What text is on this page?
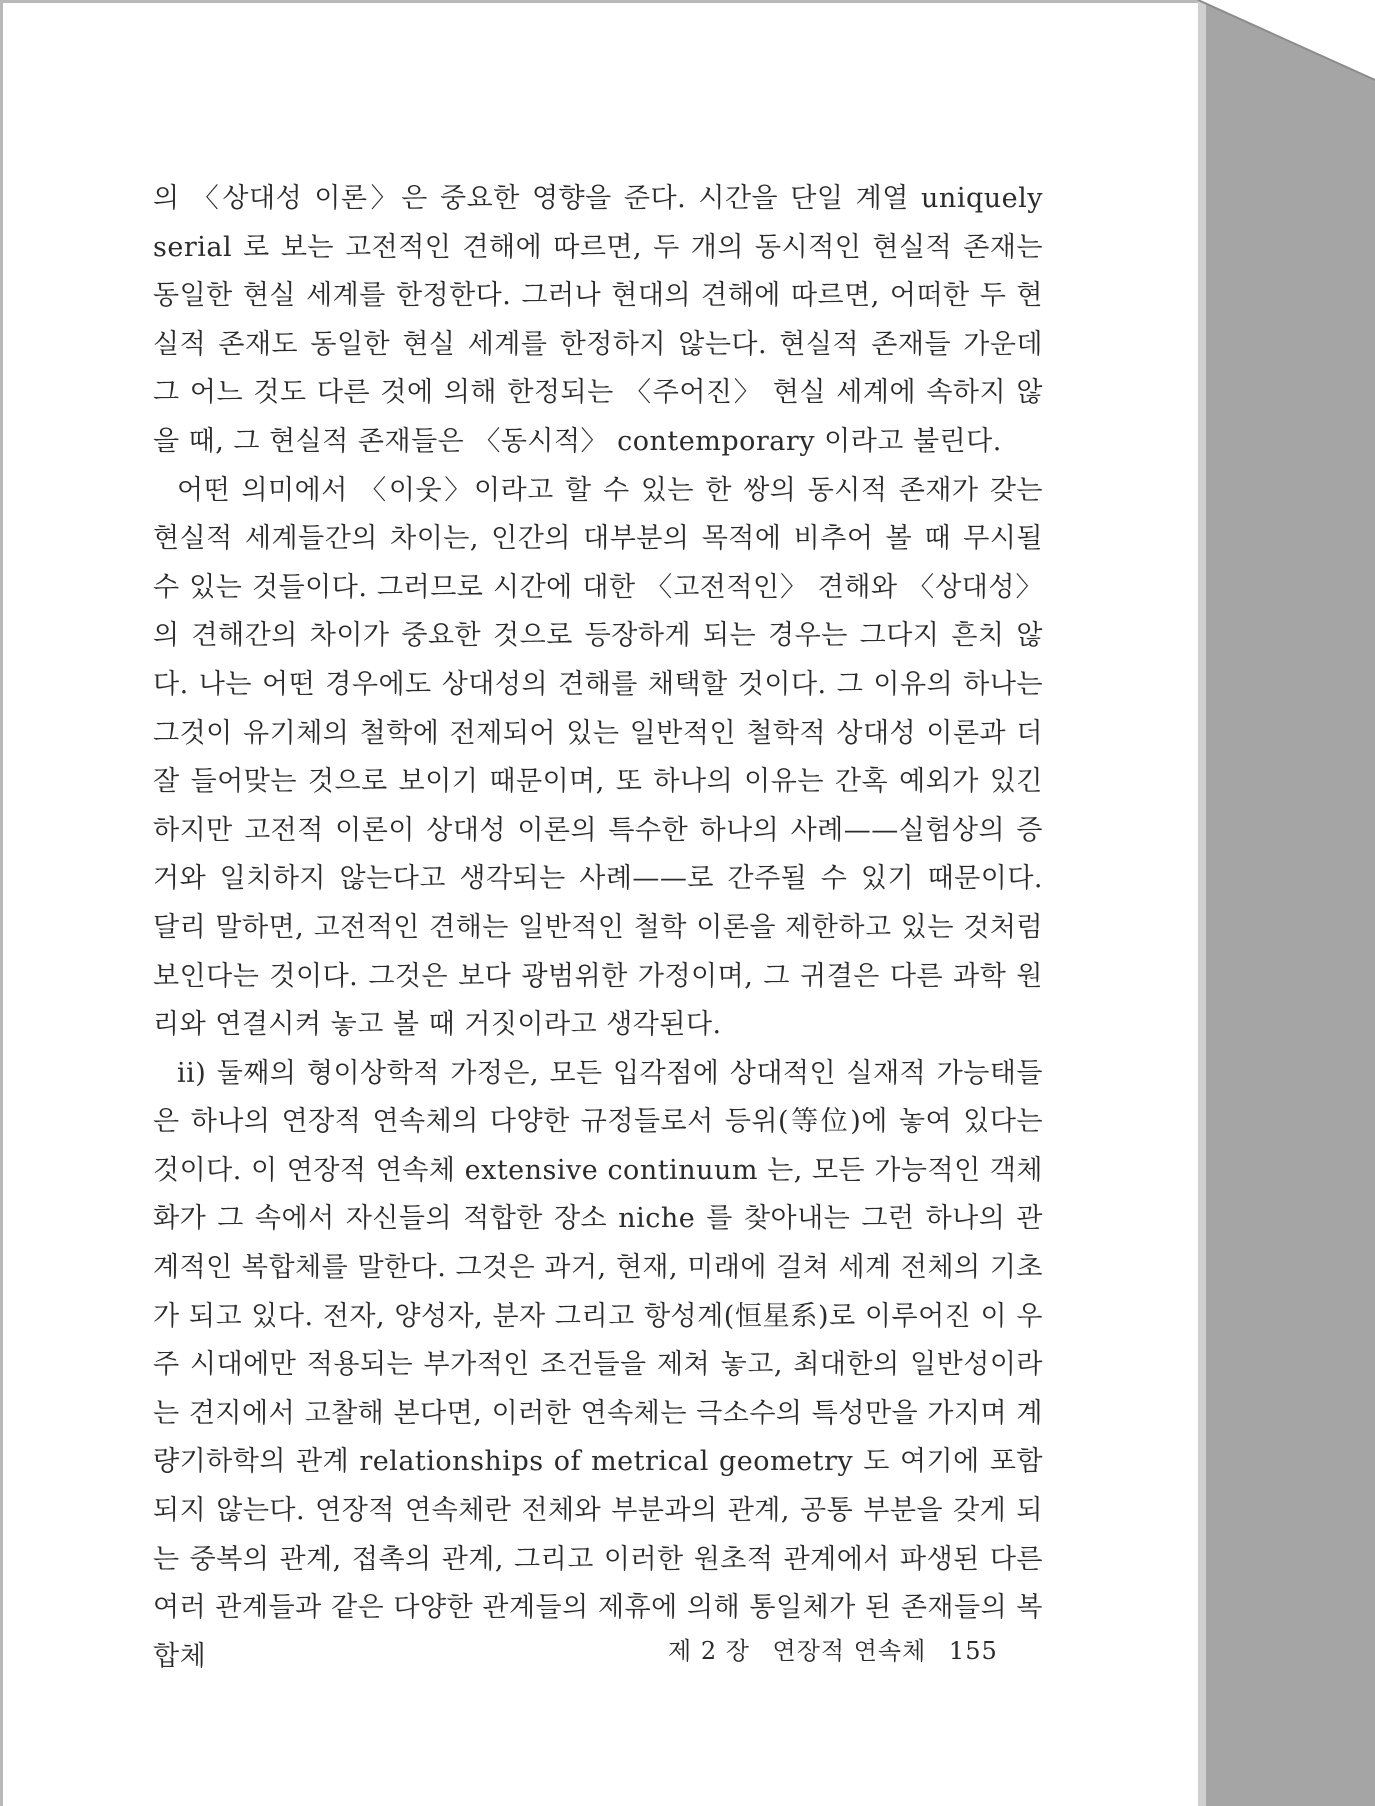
의 〈상대성 이론〉은 중요한 영향을 준다. 시간을 단일 계열 uniquely serial 로 보는 고전적인 견해에 따르면, 두 개의 동시적인 현실적 존재는 동일한 현실 세계를 한정한다. 그러나 현대의 견해에 따르면, 어떠한 두 현실적 존재도 동일한 현실 세계를 한정하지 않는다. 현실적 존재들 가운데 그 어느 것도 다른 것에 의해 한정되는 〈주어진〉 현실 세계에 속하지 않을 때, 그 현실적 존재들은 〈동시적〉 contemporary 이라고 불린다.

어떤 의미에서 〈이웃〉이라고 할 수 있는 한 쌍의 동시적 존재가 갖는 현실적 세계들간의 차이는, 인간의 대부분의 목적에 비추어 볼 때 무시될 수 있는 것들이다. 그러므로 시간에 대한 〈고전적인〉 견해와 〈상대성〉의 견해간의 차이가 중요한 것으로 등장하게 되는 경우는 그다지 흔치 않다. 나는 어떤 경우에도 상대성의 견해를 채택할 것이다. 그 이유의 하나는 그것이 유기체의 철학에 전제되어 있는 일반적인 철학적 상대성 이론과 더 잘 들어맞는 것으로 보이기 때문이며, 또 하나의 이유는 간혹 예외가 있긴 하지만 고전적 이론이 상대성 이론의 특수한 하나의 사례——실험상의 증거와 일치하지 않는다고 생각되는 사례——로 간주될 수 있기 때문이다. 달리 말하면, 고전적인 견해는 일반적인 철학 이론을 제한하고 있는 것처럼 보인다는 것이다. 그것은 보다 광범위한 가정이며, 그 귀결은 다른 과학 원리와 연결시켜 놓고 볼 때 거짓이라고 생각된다.

ii) 둘째의 형이상학적 가정은, 모든 입각점에 상대적인 실재적 가능태들은 하나의 연장적 연속체의 다양한 규정들로서 등위(等位)에 놓여 있다는 것이다. 이 연장적 연속체 extensive continuum 는, 모든 가능적인 객체화가 그 속에서 자신들의 적합한 장소 niche 를 찾아내는 그런 하나의 관계적인 복합체를 말한다. 그것은 과거, 현재, 미래에 걸쳐 세계 전체의 기초가 되고 있다. 전자, 양성자, 분자 그리고 항성계(恒星系)로 이루어진 이 우주 시대에만 적용되는 부가적인 조건들을 제쳐 놓고, 최대한의 일반성이라는 견지에서 고찰해 본다면, 이러한 연속체는 극소수의 특성만을 가지며 계량기하학의 관계 relationships of metrical geometry 도 여기에 포함되지 않는다. 연장적 연속체란 전체와 부분과의 관계, 공통 부분을 갖게 되는 중복의 관계, 접촉의 관계, 그리고 이러한 원초적 관계에서 파생된 다른 여러 관계들과 같은 다양한 관계들의 제휴에 의해 통일체가 된 존재들의 복합체	제 2 장 연장적 연속체 155
